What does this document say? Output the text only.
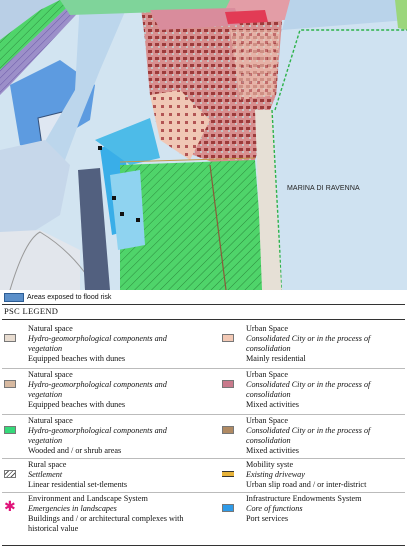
MARINA DI RAVENNA
Areas exposed to flood risk
PSC LEGEND
Natural space
Hydro-geomorphological components and vegetation
Equipped beaches with dunes
Natural space
Hydro-geomorphological components and vegetation
Equipped beaches with dunes
Natural space
Hydro-geomorphological components and vegetation
Wooded and / or shrub areas
Rural space
Settlement
Linear residential set-tlements
✱
Environment and Landscape System
Emergencies in landscapes
Buildings and / or architectural complexes with historical value
Urban Space
Consolidated City or in the process of consolidation
Mainly residential
Urban Space
Consolidated City or in the process of consolidation
Mixed activities
Urban Space
Consolidated City or in the process of consolidation
Mixed activities
Mobility syste
Existing driveway
Urban slip road and / or inter-district
Infrastructure Endowments System
Core of functions
Port services
